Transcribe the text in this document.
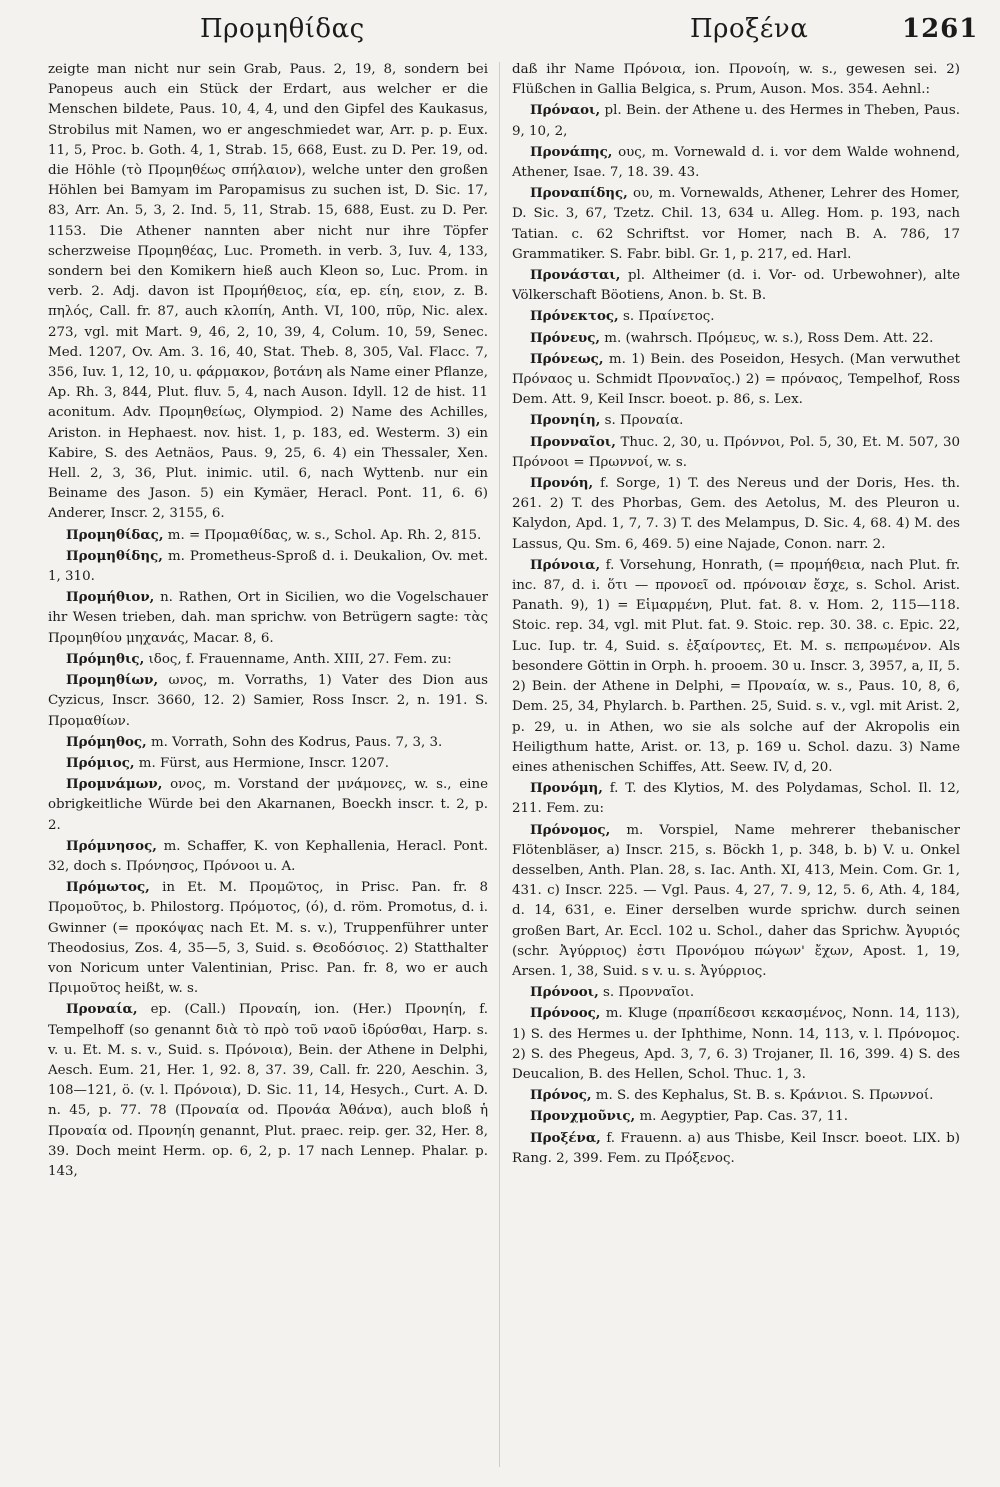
Προμηθίδας	Προξένα	1261

zeigte man nicht nur sein Grab, Paus. 2, 19, 8, sondern bei Panopeus auch ein Stück der Erdart, aus welcher er die Menschen bildete, Paus. 10, 4, 4, und den Gipfel des Kaukasus, Strobilus mit Namen, wo er angeschmiedet war, Arr. p. p. Eux. 11, 5, Proc. b. Goth. 4, 1, Strab. 15, 668, Eust. zu D. Per. 19, od. die Höhle (τὸ Προμηθέως σπήλαιον), welche unter den großen Höhlen bei Bamyam im Paropamisus zu suchen ist, D. Sic. 17, 83, Arr. An. 5, 3, 2. Ind. 5, 11, Strab. 15, 688, Eust. zu D. Per. 1153. Die Athener nannten aber nicht nur ihre Töpfer scherzweise Προμηθέας, Luc. Prometh. in verb. 3, Iuv. 4, 133, sondern bei den Komikern hieß auch Kleon so, Luc. Prom. in verb. 2. Adj. davon ist Προμήθειος, εία, ep. είη, ειον, z. B. πηλός, Call. fr. 87, auch κλοπίη, Anth. VI, 100, πῦρ, Nic. alex. 273, vgl. mit Mart. 9, 46, 2, 10, 39, 4, Colum. 10, 59, Senec. Med. 1207, Ov. Am. 3. 16, 40, Stat. Theb. 8, 305, Val. Flacc. 7, 356, Iuv. 1, 12, 10, u. φάρμακον, βοτάνη als Name einer Pflanze, Ap. Rh. 3, 844, Plut. fluv. 5, 4, nach Auson. Idyll. 12 de hist. 11 aconitum. Adv. Προμηθείως, Olympiod. 2) Name des Achilles, Ariston. in Hephaest. nov. hist. 1, p. 183, ed. Westerm. 3) ein Kabire, S. des Aetnäos, Paus. 9, 25, 6. 4) ein Thessaler, Xen. Hell. 2, 3, 36, Plut. inimic. util. 6, nach Wyttenb. nur ein Beiname des Jason. 5) ein Kymäer, Heracl. Pont. 11, 6. 6) Anderer, Inscr. 2, 3155, 6.

Προμηθίδας, m. = Προμαθίδας, w. s., Schol. Ap. Rh. 2, 815.

Προμηθίδης, m. Prometheus-Sproß d. i. Deukalion, Ov. met. 1, 310.

Προμήθιον, n. Rathen, Ort in Sicilien, wo die Vogelschauer ihr Wesen trieben, dah. man sprichw. von Betrügern sagte: τὰς Προμηθίου μηχανάς, Macar. 8, 6.

Πρόμηθις, ιδος, f. Frauenname, Anth. XIII, 27. Fem. zu:

Προμηθίων, ωνος, m. Vorraths, 1) Vater des Dion aus Cyzicus, Inscr. 3660, 12. 2) Samier, Ross Inscr. 2, n. 191. S. Προμαθίων.

Πρόμηθος, m. Vorrath, Sohn des Kodrus, Paus. 7, 3, 3.

Πρόμιος, m. Fürst, aus Hermione, Inscr. 1207.

Προμνάμων, ονος, m. Vorstand der μνάμονες, w. s., eine obrigkeitliche Würde bei den Akarnanen, Boeckh inscr. t. 2, p. 2.

Πρόμνησος, m. Schaffer, K. von Kephallenia, Heracl. Pont. 32, doch s. Πρόνησος, Πρόνοοι u. A.

Πρόμωτος, in Et. M. Προμῶτος, in Prisc. Pan. fr. 8 Προμοῦτος, b. Philostorg. Πρόμοτος, (ό), d. röm. Promotus, d. i. Gwinner (= προκόψας nach Et. M. s. v.), Truppenführer unter Theodosius, Zos. 4, 35—5, 3, Suid. s. Θεοδόσιος. 2) Statthalter von Noricum unter Valentinian, Prisc. Pan. fr. 8, wo er auch Πριμοῦτος heißt, w. s.

Προναία, ep. (Call.) Προναίη, ion. (Her.) Προνηίη, f. Tempelhoff (so genannt διὰ τὸ πρὸ τοῦ ναοῦ ἱδρύσθαι, Harp. s. v. u. Et. M. s. v., Suid. s. Πρόνοια), Bein. der Athene in Delphi, Aesch. Eum. 21, Her. 1, 92. 8, 37. 39, Call. fr. 220, Aeschin. 3, 108—121, ö. (v. l. Πρόνοια), D. Sic. 11, 14, Hesych., Curt. A. D. n. 45, p. 77. 78 (Προναία od. Προνάα Ἀθάνα), auch bloß ἡ Προναία od. Προνηίη genannt, Plut. praec. reip. ger. 32, Her. 8, 39. Doch meint Herm. op. 6, 2, p. 17 nach Lennep. Phalar. p. 143,

daß ihr Name Πρόνοια, ion. Προνοίη, w. s., gewesen sei. 2) Flüßchen in Gallia Belgica, s. Prum, Auson. Mos. 354. Aehnl.:

Πρόναοι, pl. Bein. der Athene u. des Hermes in Theben, Paus. 9, 10, 2,

Προνάπης, ους, m. Vornewald d. i. vor dem Walde wohnend, Athener, Isae. 7, 18. 39. 43.

Προναπίδης, ου, m. Vornewalds, Athener, Lehrer des Homer, D. Sic. 3, 67, Tzetz. Chil. 13, 634 u. Alleg. Hom. p. 193, nach Tatian. c. 62 Schriftst. vor Homer, nach B. A. 786, 17 Grammatiker. S. Fabr. bibl. Gr. 1, p. 217, ed. Harl.

Προνάσται, pl. Altheimer (d. i. Vor- od. Urbewohner), alte Völkerschaft Böotiens, Anon. b. St. B.

Πρόνεκτος, s. Πραίνετος.

Πρόνευς, m. (wahrsch. Πρόμευς, w. s.), Ross Dem. Att. 22.

Πρόνεως, m. 1) Bein. des Poseidon, Hesych. (Man verwuthet Πρόναος u. Schmidt Προνναῖος.) 2) = πρόναος, Tempelhof, Ross Dem. Att. 9, Keil Inscr. boeot. p. 86, s. Lex.

Προνηίη, s. Προναία.

Προνναῖοι, Thuc. 2, 30, u. Πρόννοι, Pol. 5, 30, Et. M. 507, 30 Πρόνοοι = Πρωννοί, w. s.

Προνόη, f. Sorge, 1) T. des Nereus und der Doris, Hes. th. 261. 2) T. des Phorbas, Gem. des Aetolus, M. des Pleuron u. Kalydon, Apd. 1, 7, 7. 3) T. des Melampus, D. Sic. 4, 68. 4) M. des Lassus, Qu. Sm. 6, 469. 5) eine Najade, Conon. narr. 2.

Πρόνοια, f. Vorsehung, Honrath, (= προμήθεια, nach Plut. fr. inc. 87, d. i. ὅτι — προνοεῖ od. πρόνοιαν ἔσχε, s. Schol. Arist. Panath. 9), 1) = Εἱμαρμένη, Plut. fat. 8. v. Hom. 2, 115—118. Stoic. rep. 34, vgl. mit Plut. fat. 9. Stoic. rep. 30. 38. c. Epic. 22, Luc. Iup. tr. 4, Suid. s. ἐξαίροντες, Et. M. s. πεπρωμένον. Als besondere Göttin in Orph. h. prooem. 30 u. Inscr. 3, 3957, a, II, 5. 2) Bein. der Athene in Delphi, = Προναία, w. s., Paus. 10, 8, 6, Dem. 25, 34, Phylarch. b. Parthen. 25, Suid. s. v., vgl. mit Arist. 2, p. 29, u. in Athen, wo sie als solche auf der Akropolis ein Heiligthum hatte, Arist. or. 13, p. 169 u. Schol. dazu. 3) Name eines athenischen Schiffes, Att. Seew. IV, d, 20.

Προνόμη, f. T. des Klytios, M. des Polydamas, Schol. Il. 12, 211. Fem. zu:

Πρόνομος, m. Vorspiel, Name mehrerer thebanischer Flötenbläser, a) Inscr. 215, s. Böckh 1, p. 348, b. b) V. u. Onkel desselben, Anth. Plan. 28, s. Iac. Anth. XI, 413, Mein. Com. Gr. 1, 431. c) Inscr. 225. — Vgl. Paus. 4, 27, 7. 9, 12, 5. 6, Ath. 4, 184, d. 14, 631, e. Einer derselben wurde sprichw. durch seinen großen Bart, Ar. Eccl. 102 u. Schol., daher das Sprichw. Ἀγυριός (schr. Ἀγύρριος) ἐστι Προνόμου πώγων' ἔχων, Apost. 1, 19, Arsen. 1, 38, Suid. s v. u. s. Ἀγύρριος.

Πρόνοοι, s. Προνναῖοι.

Πρόνοος, m. Kluge (πραπίδεσσι κεκασμένος, Nonn. 14, 113), 1) S. des Hermes u. der Iphthime, Nonn. 14, 113, v. l. Πρόνομος. 2) S. des Phegeus, Apd. 3, 7, 6. 3) Trojaner, Il. 16, 399. 4) S. des Deucalion, B. des Hellen, Schol. Thuc. 1, 3.

Πρόνος, m. S. des Kephalus, St. B. s. Κράνιοι. S. Πρωννοί.

Προνχμοῦνις, m. Aegyptier, Pap. Cas. 37, 11.

Προξένα, f. Frauenn. a) aus Thisbe, Keil Inscr. boeot. LIX. b) Rang. 2, 399. Fem. zu Πρόξενος.
